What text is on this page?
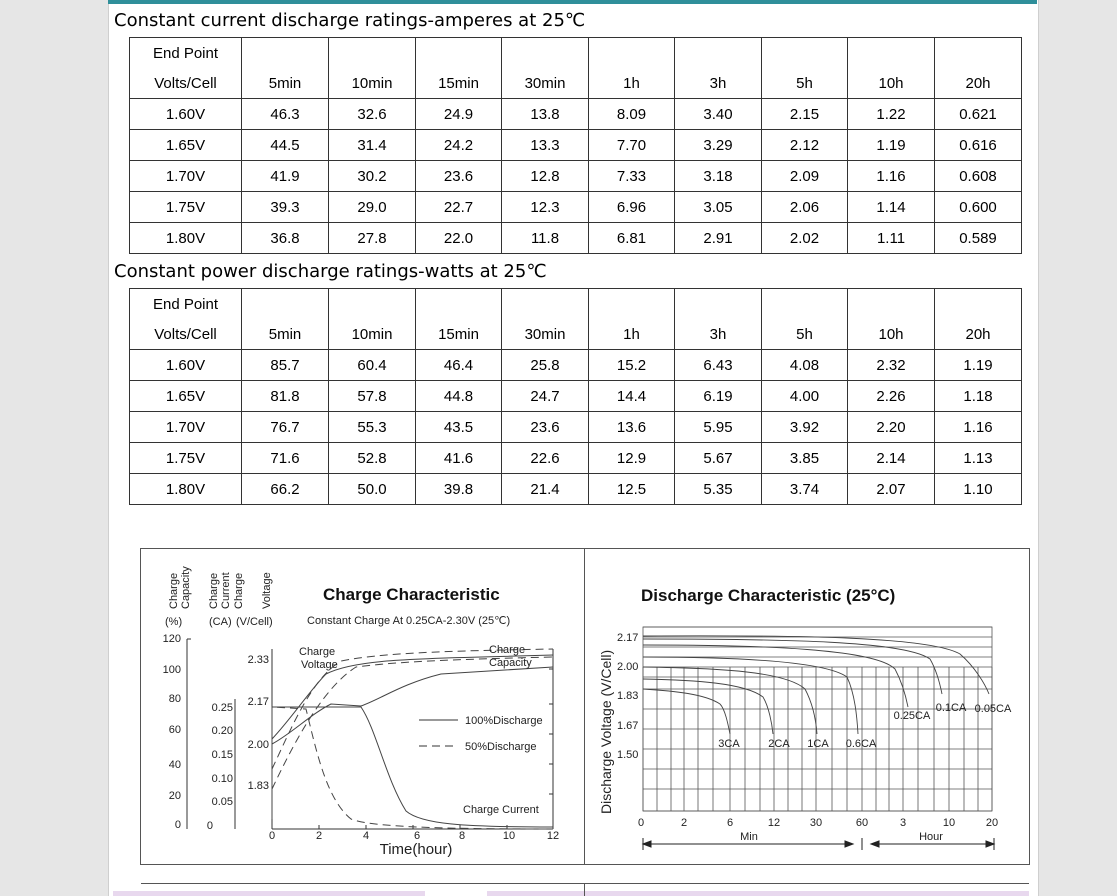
Constant current discharge ratings-amperes at 25℃
End Point									
Volts/Cell	5min	10min	15min	30min	1h	3h	5h	10h	20h
1.60V	46.3	32.6	24.9	13.8	8.09	3.40	2.15	1.22	0.621
1.65V	44.5	31.4	24.2	13.3	7.70	3.29	2.12	1.19	0.616
1.70V	41.9	30.2	23.6	12.8	7.33	3.18	2.09	1.16	0.608
1.75V	39.3	29.0	22.7	12.3	6.96	3.05	2.06	1.14	0.600
1.80V	36.8	27.8	22.0	11.8	6.81	2.91	2.02	1.11	0.589
Constant power discharge ratings-watts at 25℃
End Point									
Volts/Cell	5min	10min	15min	30min	1h	3h	5h	10h	20h
1.60V	85.7	60.4	46.4	25.8	15.2	6.43	4.08	2.32	1.19
1.65V	81.8	57.8	44.8	24.7	14.4	6.19	4.00	2.26	1.18
1.70V	76.7	55.3	43.5	23.6	13.6	5.95	3.92	2.20	1.16
1.75V	71.6	52.8	41.6	22.6	12.9	5.67	3.85	2.14	1.13
1.80V	66.2	50.0	39.8	21.4	12.5	5.35	3.74	2.07	1.10
Charge Capacity Charge Current Charge Voltage
(%) (CA) (V/Cell)
Charge Characteristic
Constant Charge At 0.25CA-2.30V (25℃)
120
100
80
60
40
20
0
0.25
0.20
0.15
0.10
0.05
0
2.33
2.17
2.00
1.83
0	2	4	6	8	10	12
Time(hour)
Charge
Voltage
Charge
Capacity
Charge Current
100%Discharge
50%Discharge
Discharge Characteristic (25°C)
Discharge Voltage (V/Cell)
2.17
2.00
1.83
1.67
1.50
0	2	6	12	30	60	3	10	20
Min	Hour
3CA	2CA 1CA 0.6CA
0.25CA
0.1CA 0.05CA
